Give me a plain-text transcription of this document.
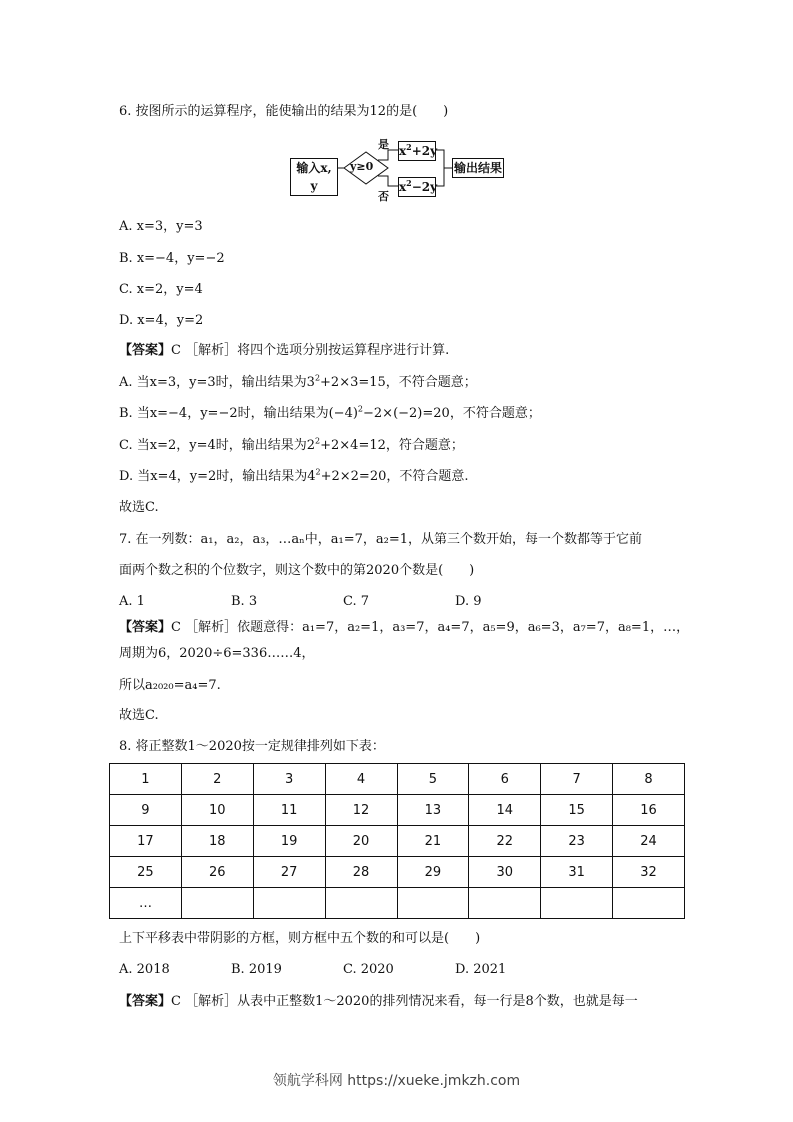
6. 按图所示的运算程序，能使输出的结果为12的是(　　)
输入x, y
y≥0
是
否
$x^2+2y$
$x^2-2y$
输出结果
A. x=3，y=3
B. x=−4，y=−2
C. x=2，y=4
D. x=4，y=2
【答案】C ［解析］将四个选项分别按运算程序进行计算.
A. 当x=3，y=3时，输出结果为$3^2+2\times 3=15$，不符合题意；
B. 当x=−4，y=−2时，输出结果为$(-4)^2-2\times(-2)=20$，不符合题意；
C. 当x=2，y=4时，输出结果为$2^2+2\times 4=12$，符合题意；
D. 当x=4，y=2时，输出结果为$4^2+2\times 2=20$，不符合题意.
故选C.
7. 在一列数：a₁，a₂，a₃，…aₙ中，a₁=7，a₂=1，从第三个数开始，每一个数都等于它前
面两个数之积的个位数字，则这个数中的第2020个数是(　　)
A. 1	B. 3	C. 7	D. 9
【答案】C ［解析］依题意得：a₁=7，a₂=1，a₃=7，a₄=7，a₅=9，a₆=3，a₇=7，a₈=1，…，
周期为6，2020÷6=336……4，
所以a₂₀₂₀=a₄=7.
故选C.
8. 将正整数1～2020按一定规律排列如下表：
1	2	3	4	5	6	7	8
9	10	11	12	13	14	15	16
17	18	19	20	21	22	23	24
25	26	27	28	29	30	31	32
…							
上下平移表中带阴影的方框，则方框中五个数的和可以是(　　)
A. 2018	B. 2019	C. 2020	D. 2021
【答案】C ［解析］从表中正整数1～2020的排列情况来看，每一行是8个数，也就是每一
领航学科网 https://xueke.jmkzh.com
